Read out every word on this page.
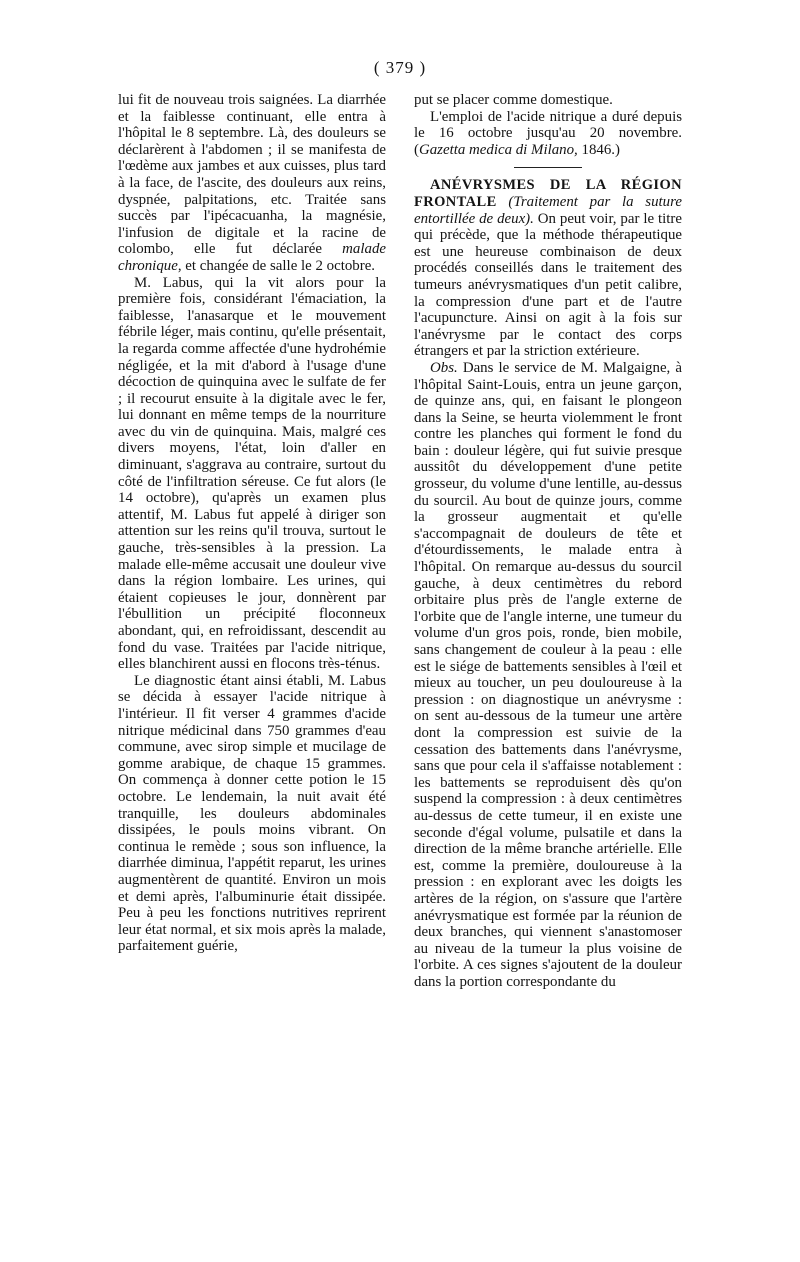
( 379 )

lui fit de nouveau trois saignées. La diarrhée et la faiblesse continuant, elle entra à l'hôpital le 8 septembre. Là, des douleurs se déclarèrent à l'abdomen ; il se manifesta de l'œdème aux jambes et aux cuisses, plus tard à la face, de l'ascite, des douleurs aux reins, dyspnée, palpitations, etc. Traitée sans succès par l'ipécacuanha, la magnésie, l'infusion de digitale et la racine de colombo, elle fut déclarée malade chronique, et changée de salle le 2 octobre.

M. Labus, qui la vit alors pour la première fois, considérant l'émaciation, la faiblesse, l'anasarque et le mouvement fébrile léger, mais continu, qu'elle présentait, la regarda comme affectée d'une hydrohémie négligée, et la mit d'abord à l'usage d'une décoction de quinquina avec le sulfate de fer ; il recourut ensuite à la digitale avec le fer, lui donnant en même temps de la nourriture avec du vin de quinquina. Mais, malgré ces divers moyens, l'état, loin d'aller en diminuant, s'aggrava au contraire, surtout du côté de l'infiltration séreuse. Ce fut alors (le 14 octobre), qu'après un examen plus attentif, M. Labus fut appelé à diriger son attention sur les reins qu'il trouva, surtout le gauche, très-sensibles à la pression. La malade elle-même accusait une douleur vive dans la région lombaire. Les urines, qui étaient copieuses le jour, donnèrent par l'ébullition un précipité floconneux abondant, qui, en refroidissant, descendit au fond du vase. Traitées par l'acide nitrique, elles blanchirent aussi en flocons très-ténus.

Le diagnostic étant ainsi établi, M. Labus se décida à essayer l'acide nitrique à l'intérieur. Il fit verser 4 grammes d'acide nitrique médicinal dans 750 grammes d'eau commune, avec sirop simple et mucilage de gomme arabique, de chaque 15 grammes. On commença à donner cette potion le 15 octobre. Le lendemain, la nuit avait été tranquille, les douleurs abdominales dissipées, le pouls moins vibrant. On continua le remède ; sous son influence, la diarrhée diminua, l'appétit reparut, les urines augmentèrent de quantité. Environ un mois et demi après, l'albuminurie était dissipée. Peu à peu les fonctions nutritives reprirent leur état normal, et six mois après la malade, parfaitement guérie,

put se placer comme domestique.

L'emploi de l'acide nitrique a duré depuis le 16 octobre jusqu'au 20 novembre. (Gazetta medica di Milano, 1846.)

ANÉVRYSMES DE LA RÉGION FRONTALE (Traitement par la suture entortillée de deux). On peut voir, par le titre qui précède, que la méthode thérapeutique est une heureuse combinaison de deux procédés conseillés dans le traitement des tumeurs anévrysmatiques d'un petit calibre, la compression d'une part et de l'autre l'acupuncture. Ainsi on agit à la fois sur l'anévrysme par le contact des corps étrangers et par la striction extérieure.

Obs. Dans le service de M. Malgaigne, à l'hôpital Saint-Louis, entra un jeune garçon, de quinze ans, qui, en faisant le plongeon dans la Seine, se heurta violemment le front contre les planches qui forment le fond du bain : douleur légère, qui fut suivie presque aussitôt du développement d'une petite grosseur, du volume d'une lentille, au-dessus du sourcil. Au bout de quinze jours, comme la grosseur augmentait et qu'elle s'accompagnait de douleurs de tête et d'étourdissements, le malade entra à l'hôpital. On remarque au-dessus du sourcil gauche, à deux centimètres du rebord orbitaire plus près de l'angle externe de l'orbite que de l'angle interne, une tumeur du volume d'un gros pois, ronde, bien mobile, sans changement de couleur à la peau : elle est le siége de battements sensibles à l'œil et mieux au toucher, un peu douloureuse à la pression : on diagnostique un anévrysme : on sent au-dessous de la tumeur une artère dont la compression est suivie de la cessation des battements dans l'anévrysme, sans que pour cela il s'affaisse notablement : les battements se reproduisent dès qu'on suspend la compression : à deux centimètres au-dessus de cette tumeur, il en existe une seconde d'égal volume, pulsatile et dans la direction de la même branche artérielle. Elle est, comme la première, douloureuse à la pression : en explorant avec les doigts les artères de la région, on s'assure que l'artère anévrysmatique est formée par la réunion de deux branches, qui viennent s'anastomoser au niveau de la tumeur la plus voisine de l'orbite. A ces signes s'ajoutent de la douleur dans la portion correspondante du
